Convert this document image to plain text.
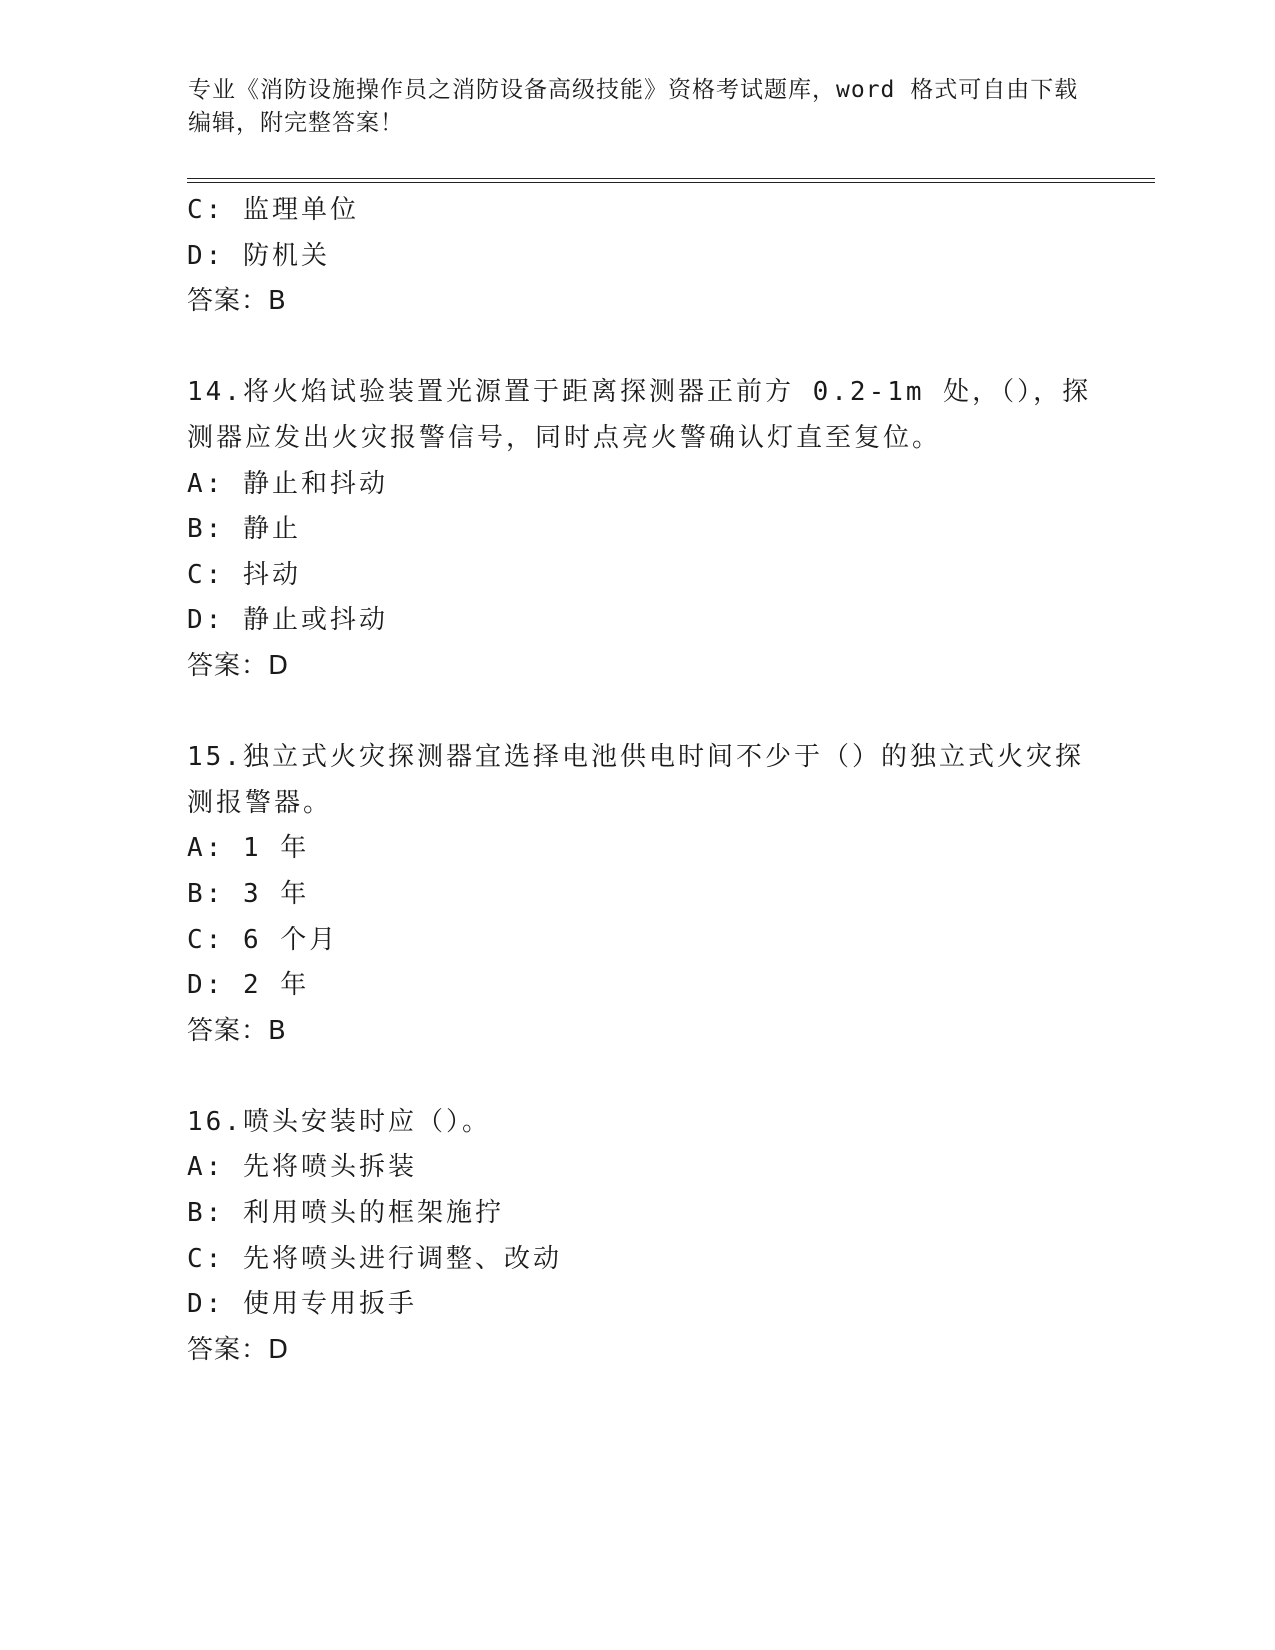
专业《消防设施操作员之消防设备高级技能》资格考试题库，word 格式可自由下载编辑，附完整答案！
C: 监理单位
D: 防机关
答案：B
14.将火焰试验装置光源置于距离探测器正前方 0.2-1m 处，（），探
测器应发出火灾报警信号，同时点亮火警确认灯直至复位。
A: 静止和抖动
B: 静止
C: 抖动
D: 静止或抖动
答案：D
15.独立式火灾探测器宜选择电池供电时间不少于（）的独立式火灾探
测报警器。
A: 1 年
B: 3 年
C: 6 个月
D: 2 年
答案：B
16.喷头安装时应（）。
A: 先将喷头拆装
B: 利用喷头的框架施拧
C: 先将喷头进行调整、改动
D: 使用专用扳手
答案：D
